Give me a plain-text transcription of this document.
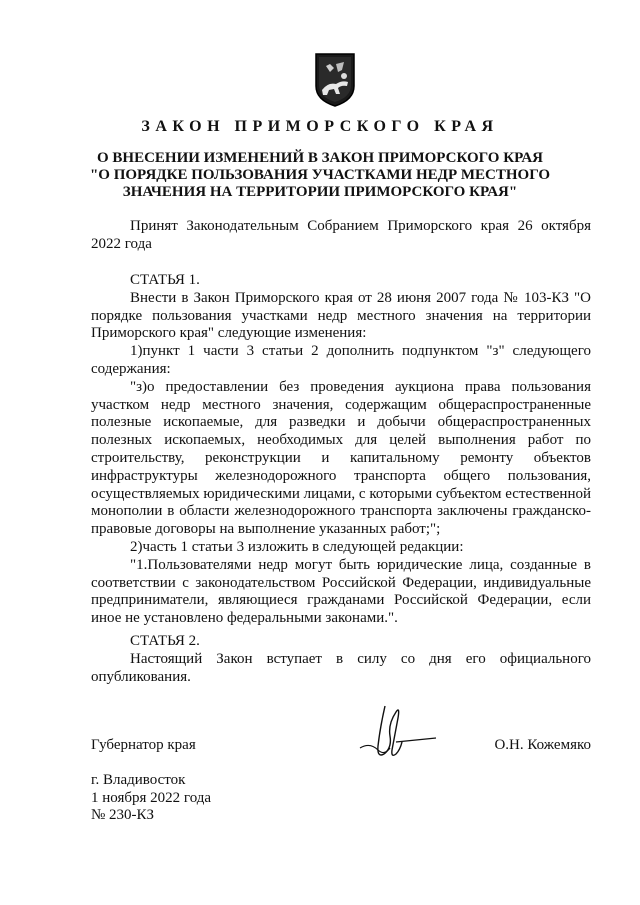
ЗАКОН ПРИМОРСКОГО КРАЯ
О ВНЕСЕНИИ ИЗМЕНЕНИЙ В ЗАКОН ПРИМОРСКОГО КРАЯ
"О ПОРЯДКЕ ПОЛЬЗОВАНИЯ УЧАСТКАМИ НЕДР МЕСТНОГО
ЗНАЧЕНИЯ НА ТЕРРИТОРИИ ПРИМОРСКОГО КРАЯ"

Принят Законодательным Собранием Приморского края 26 октября 2022 года

СТАТЬЯ 1.

Внести в Закон Приморского края от 28 июня 2007 года № 103-КЗ "О порядке пользования участками недр местного значения на территории Приморского края" следующие изменения:

1)пункт 1 части 3 статьи 2 дополнить подпунктом "з" следующего содержания:

"з)о предоставлении без проведения аукциона права пользования участком недр местного значения, содержащим общераспространенные полезные ископаемые, для разведки и добычи общераспространенных полезных ископаемых, необходимых для целей выполнения работ по строительству, реконструкции и капитальному ремонту объектов инфраструктуры железнодорожного транспорта общего пользования, осуществляемых юридическими лицами, с которыми субъектом естественной монополии в области железнодорожного транспорта заключены гражданско-правовые договоры на выполнение указанных работ;";

2)часть 1 статьи 3 изложить в следующей редакции:

"1.Пользователями недр могут быть юридические лица, созданные в соответствии с законодательством Российской Федерации, индивидуальные предприниматели, являющиеся гражданами Российской Федерации, если иное не установлено федеральными законами.".

СТАТЬЯ 2.

Настоящий Закон вступает в силу со дня его официального опубликования.

Губернатор края	О.Н. Кожемяко
г. Владивосток
1 ноября 2022 года
№ 230-КЗ
